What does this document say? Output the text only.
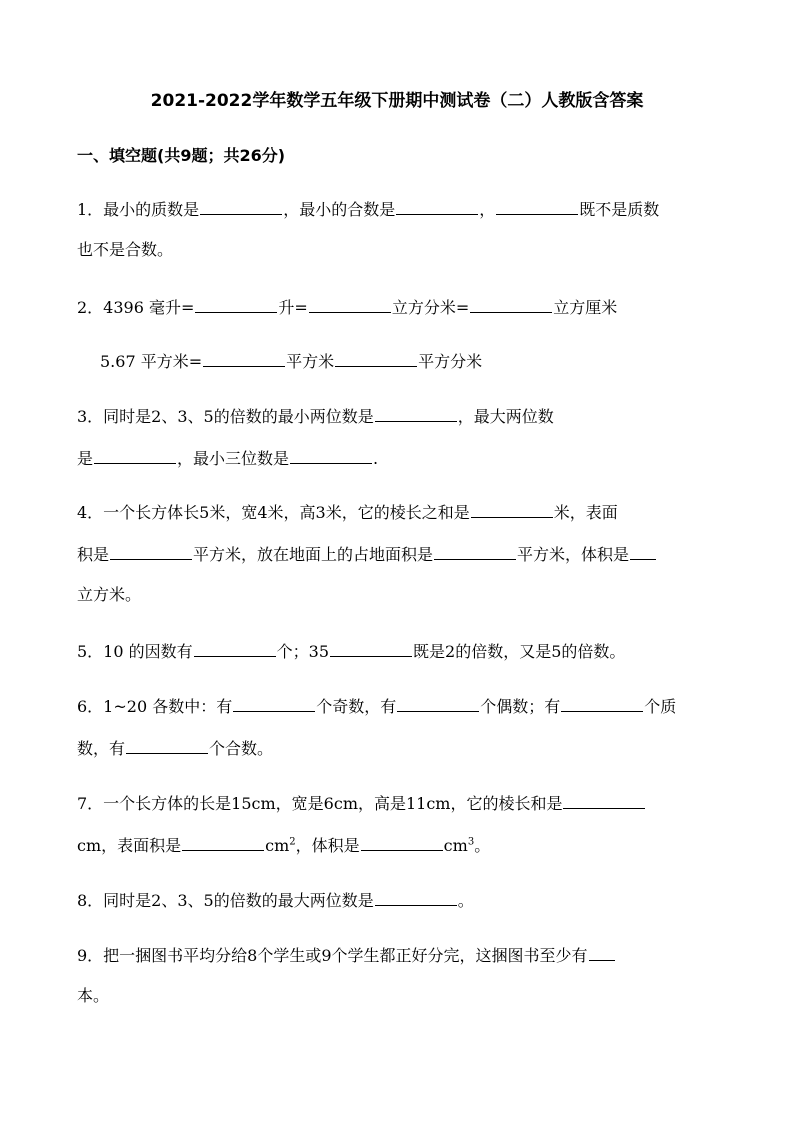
2021-2022学年数学五年级下册期中测试卷（二）人教版含答案
一、填空题(共9题；共26分)
1．最小的质数是	，最小的合数是	，	既不是质数
也不是合数。
2．4396 毫升=	升=	立方分米=	立方厘米
5.67 平方米=	平方米	平方分米
3．同时是2、3、5的倍数的最小两位数是	，最大两位数
是	，最小三位数是	.
4．一个长方体长5米，宽4米，高3米，它的棱长之和是	米，表面
积是	平方米，放在地面上的占地面积是	平方米，体积是
立方米。
5．10 的因数有	个；35	既是2的倍数，又是5的倍数。
6．1~20 各数中：有	个奇数，有	个偶数；有	个质
数，有	个合数。
7．一个长方体的长是15cm，宽是6cm，高是11cm，它的棱长和是
cm，表面积是	$cm^2$，体积是	$cm^3$。
8．同时是2、3、5的倍数的最大两位数是	。
9．把一捆图书平均分给8个学生或9个学生都正好分完，这捆图书至少有
本。
